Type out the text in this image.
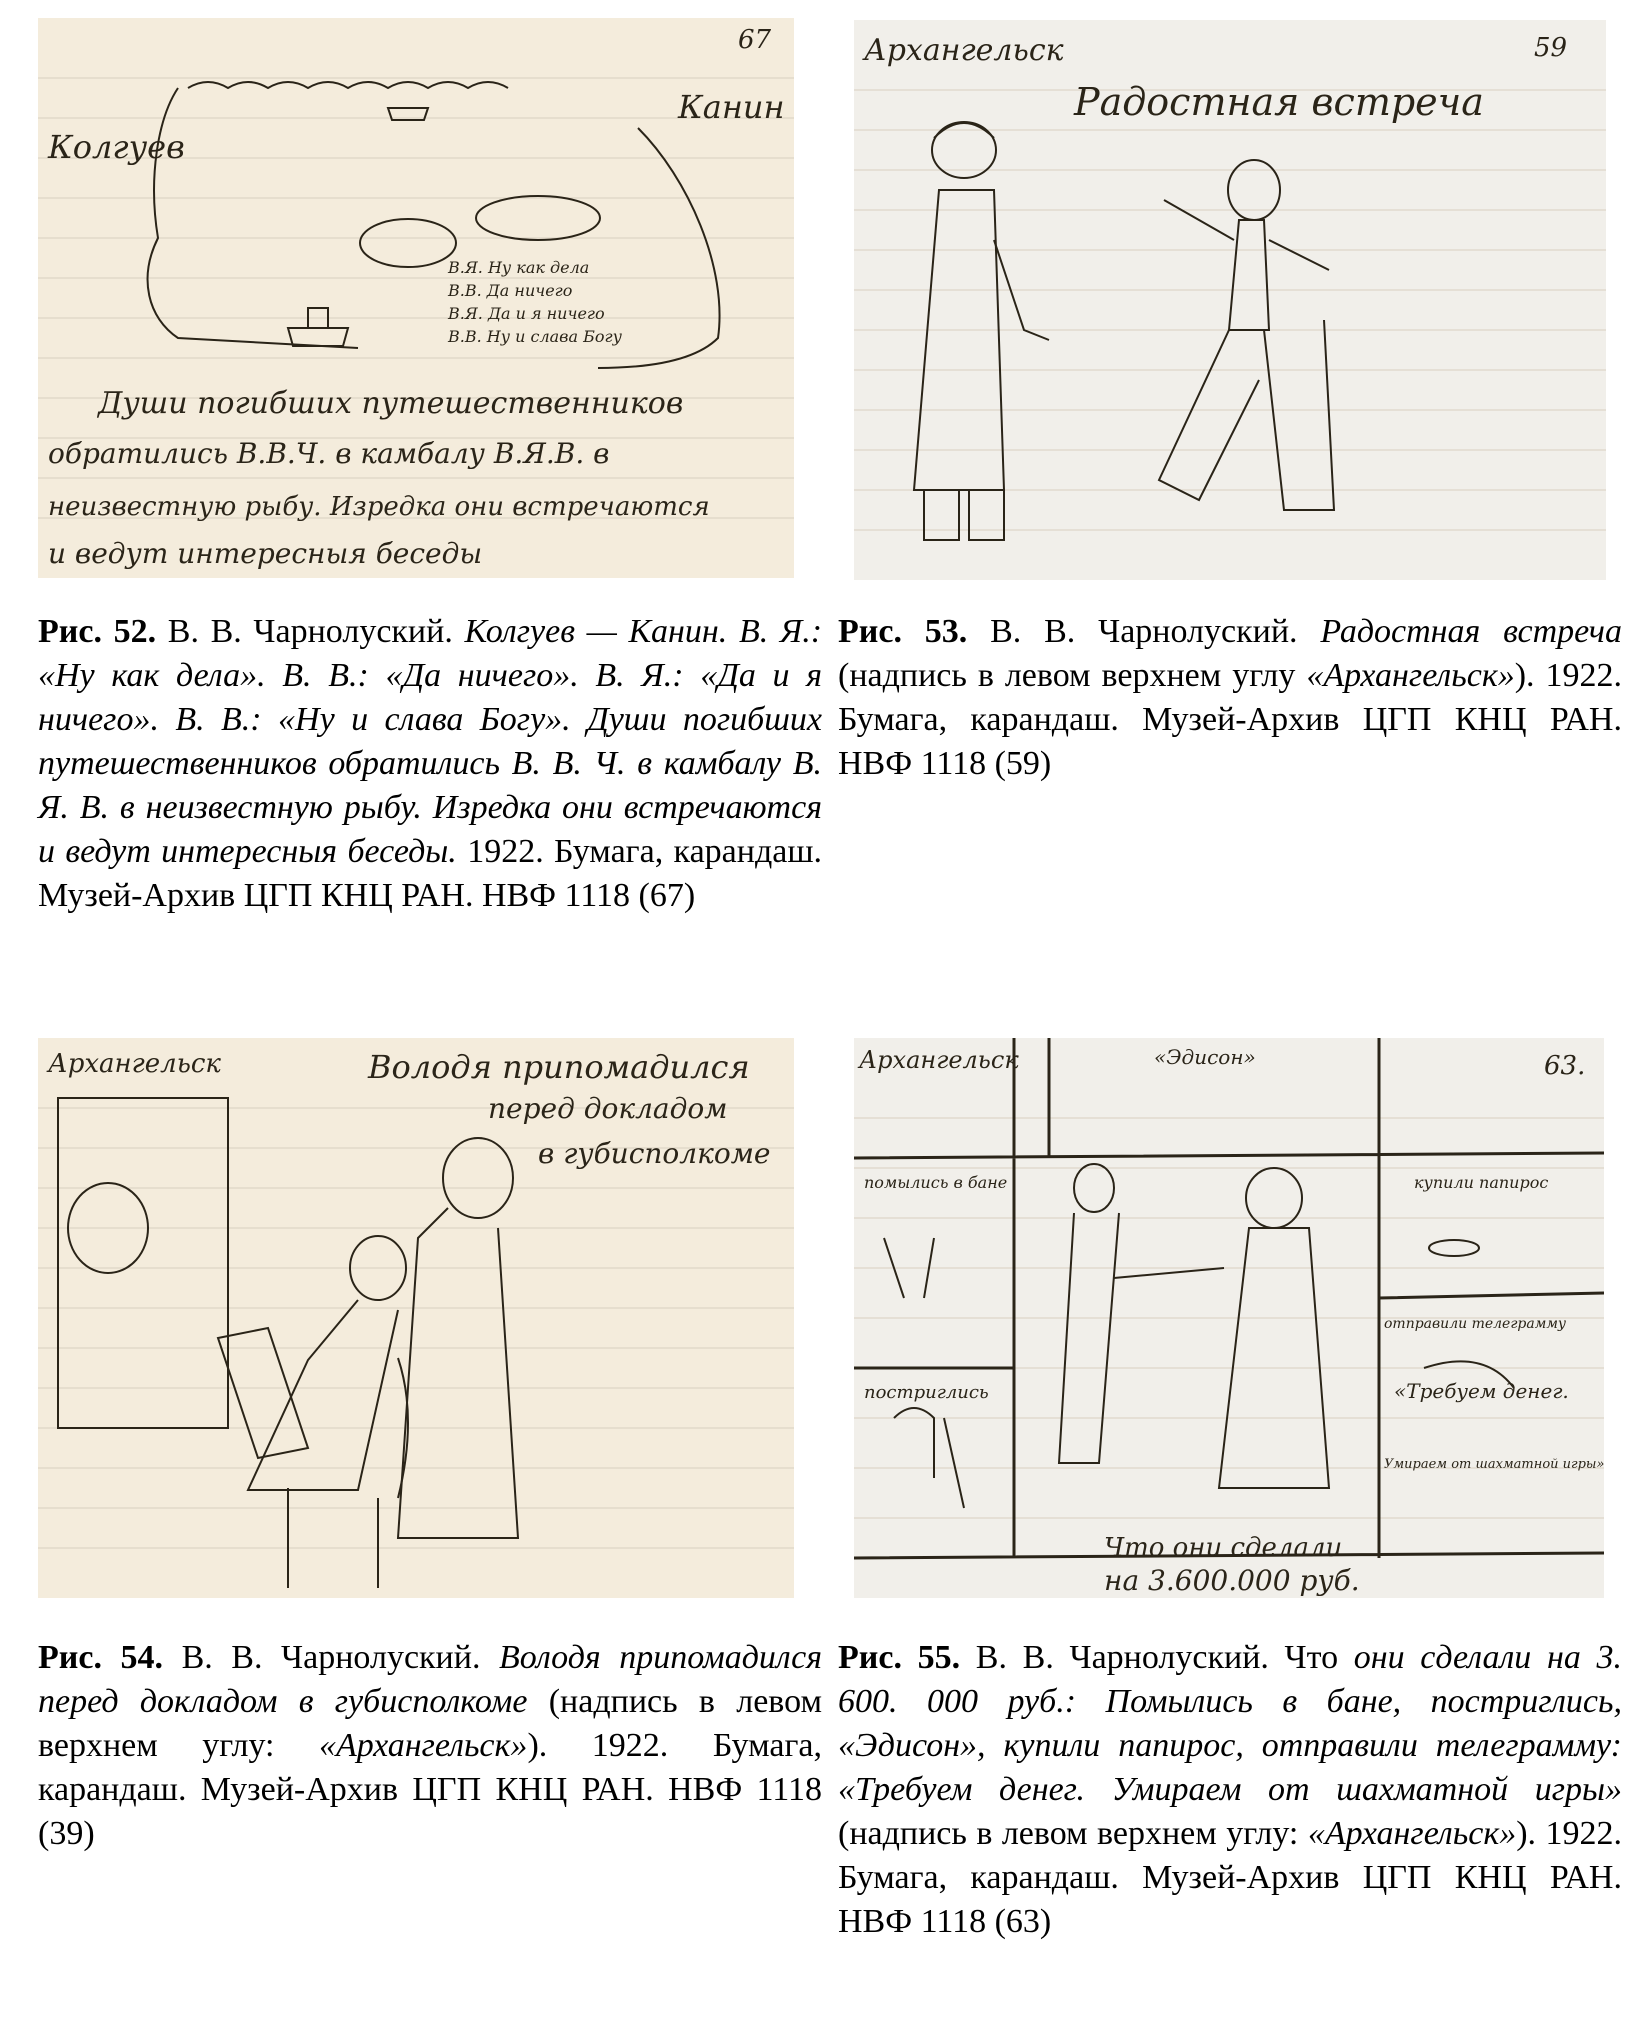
67
Колгуев
Канин
В.Я. Ну как дела
В.В. Да ничего
В.Я. Да и я ничего
В.В. Ну и слава Богу
Души погибших путешественников
обратились В.В.Ч. в камбалу В.Я.В. в
неизвестную рыбу. Изредка они встречаются
и ведут интересныя беседы

Рис. 52. В. В. Чарнолуский. Колгуев — Канин. В. Я.: «Ну как дела». В. В.: «Да ничего». В. Я.: «Да и я ничего». В. В.: «Ну и слава Богу». Души погибших путешественников обратились В. В. Ч. в камбалу В. Я. В. в неизвестную рыбу. Изредка они встречаются и ведут интересныя беседы. 1922. Бумага, карандаш. Музей-Архив ЦГП КНЦ РАН. НВФ 1118 (67)

Архангельск	59
Радостная встреча

Рис. 53. В. В. Чарнолуский. Радостная встреча (надпись в левом верхнем углу «Архангельск»). 1922. Бумага, карандаш. Музей-Архив ЦГП КНЦ РАН. НВФ 1118 (59)

Архангельск	Володя припомадился
перед докладом
в губисполкоме

Рис. 54. В. В. Чарнолуский. Володя припомадился перед докладом в губисполкоме (надпись в левом верхнем углу: «Архангельск»). 1922. Бумага, карандаш. Музей-Архив ЦГП КНЦ РАН. НВФ 1118 (39)

Архангельск	63.
«Эдисон»
помылись в бане	купили папирос
постриглись
отправили телеграмму
«Требуем денег.
Умираем от шахматной игры»
Что они сделали
на 3.600.000 руб.

Рис. 55. В. В. Чарнолуский. Что они сделали на 3. 600. 000 руб.: Помылись в бане, постриглись, «Эдисон», купили папирос, отправили телеграмму: «Требуем денег. Умираем от шахматной игры» (надпись в левом верхнем углу: «Архангельск»). 1922. Бумага, карандаш. Музей-Архив ЦГП КНЦ РАН. НВФ 1118 (63)
